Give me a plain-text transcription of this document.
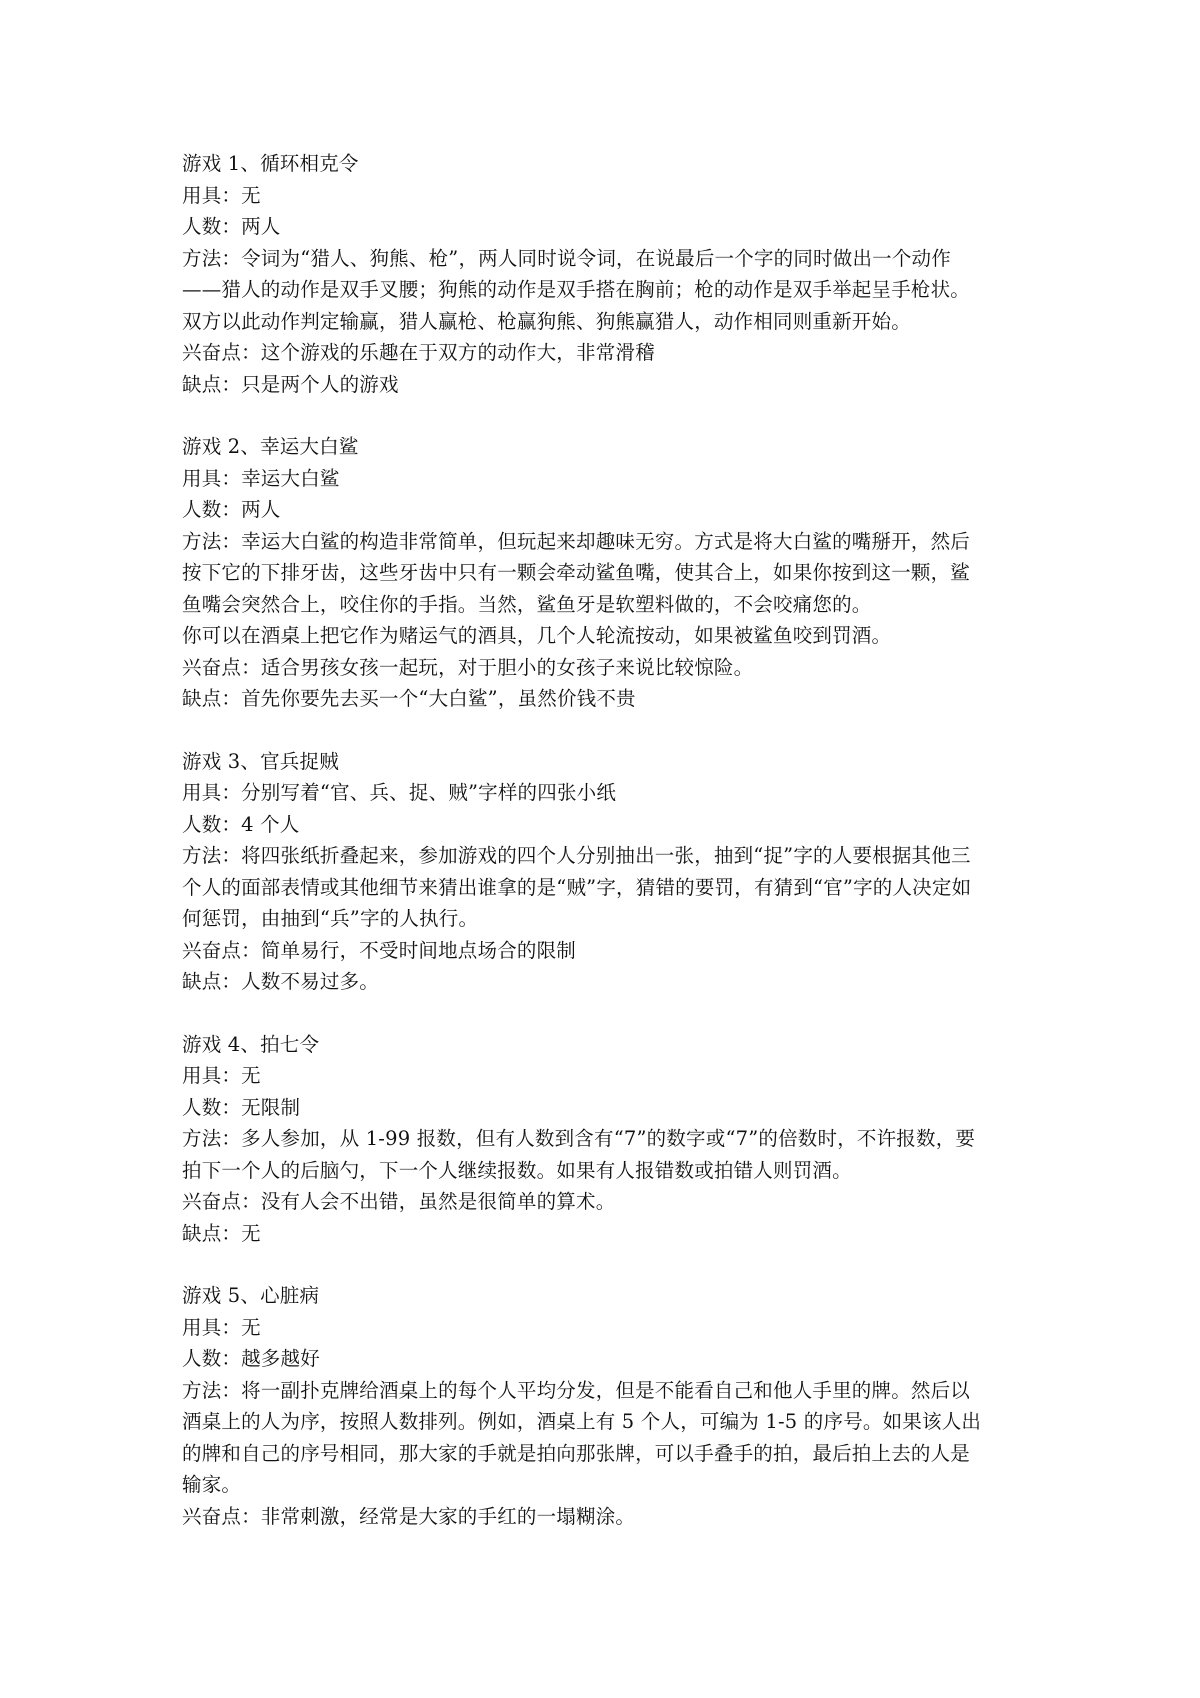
游戏 1、循环相克令

用具：无

人数：两人

方法：令词为“猎人、狗熊、枪”，两人同时说令词，在说最后一个字的同时做出一个动作

——猎人的动作是双手叉腰；狗熊的动作是双手搭在胸前；枪的动作是双手举起呈手枪状。

双方以此动作判定输赢，猎人赢枪、枪赢狗熊、狗熊赢猎人，动作相同则重新开始。

兴奋点：这个游戏的乐趣在于双方的动作大，非常滑稽

缺点：只是两个人的游戏

游戏 2、幸运大白鲨

用具：幸运大白鲨

人数：两人

方法：幸运大白鲨的构造非常简单，但玩起来却趣味无穷。方式是将大白鲨的嘴掰开，然后

按下它的下排牙齿，这些牙齿中只有一颗会牵动鲨鱼嘴，使其合上，如果你按到这一颗，鲨

鱼嘴会突然合上，咬住你的手指。当然，鲨鱼牙是软塑料做的，不会咬痛您的。

你可以在酒桌上把它作为赌运气的酒具，几个人轮流按动，如果被鲨鱼咬到罚酒。

兴奋点：适合男孩女孩一起玩，对于胆小的女孩子来说比较惊险。

缺点：首先你要先去买一个“大白鲨”，虽然价钱不贵

游戏 3、官兵捉贼

用具：分别写着“官、兵、捉、贼”字样的四张小纸

人数：4 个人

方法：将四张纸折叠起来，参加游戏的四个人分别抽出一张，抽到“捉”字的人要根据其他三

个人的面部表情或其他细节来猜出谁拿的是“贼”字，猜错的要罚，有猜到“官”字的人决定如

何惩罚，由抽到“兵”字的人执行。

兴奋点：简单易行，不受时间地点场合的限制

缺点：人数不易过多。

游戏 4、拍七令

用具：无

人数：无限制

方法：多人参加，从 1-99 报数，但有人数到含有“7”的数字或“7”的倍数时，不许报数，要

拍下一个人的后脑勺，下一个人继续报数。如果有人报错数或拍错人则罚酒。

兴奋点：没有人会不出错，虽然是很简单的算术。

缺点：无

游戏 5、心脏病

用具：无

人数：越多越好

方法：将一副扑克牌给酒桌上的每个人平均分发，但是不能看自己和他人手里的牌。然后以

酒桌上的人为序，按照人数排列。例如，酒桌上有 5 个人，可编为 1-5 的序号。如果该人出

的牌和自己的序号相同，那大家的手就是拍向那张牌，可以手叠手的拍，最后拍上去的人是

输家。

兴奋点：非常刺激，经常是大家的手红的一塌糊涂。
